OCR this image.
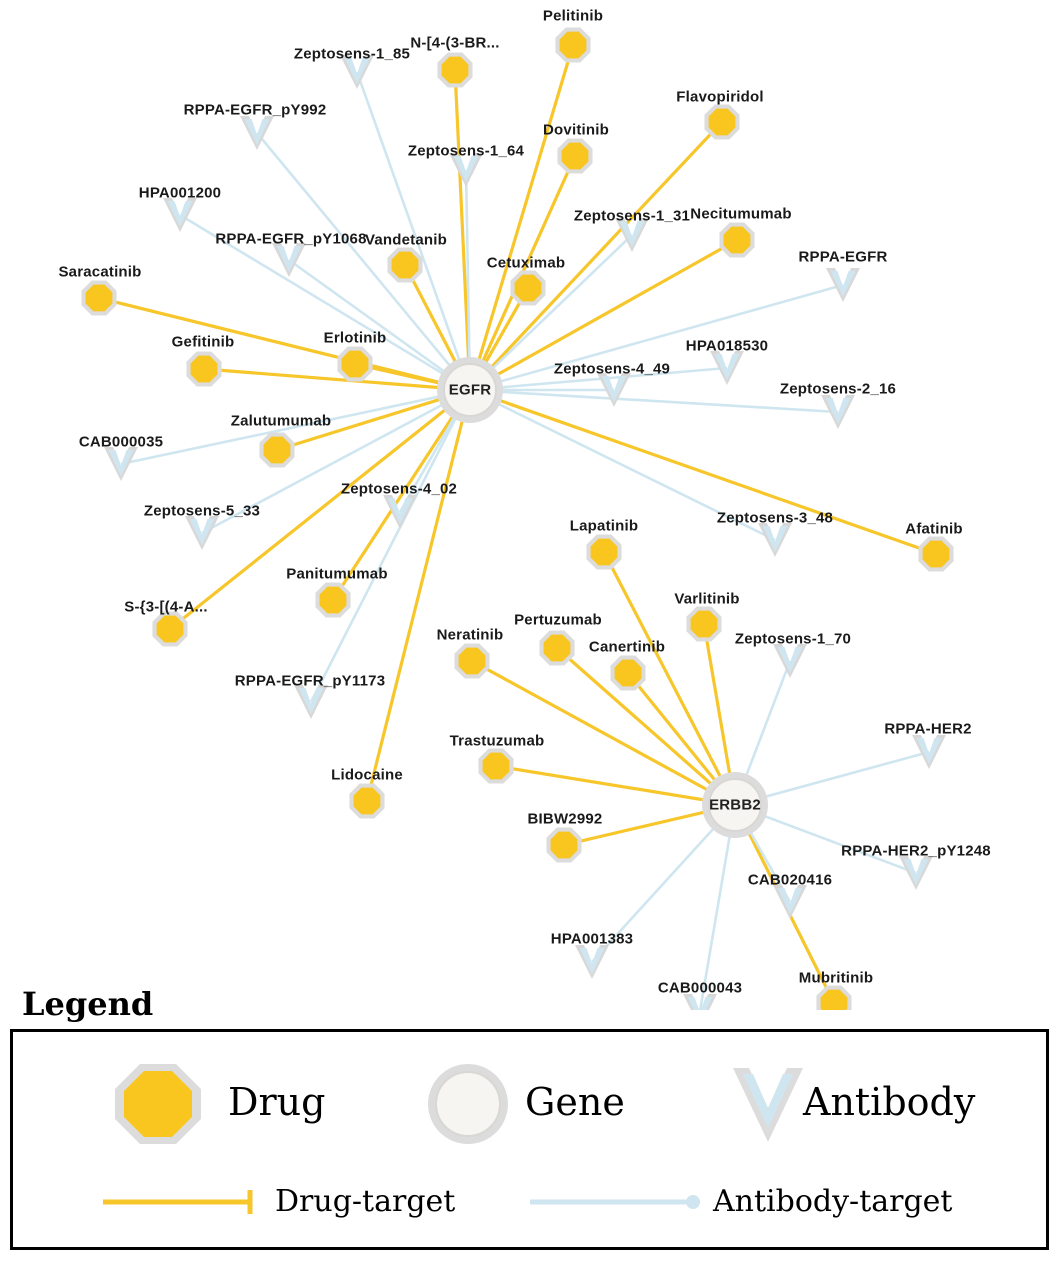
Pelitinib
N-[4-(3-BR...
Flavopiridol
Dovitinib
Necitumumab
Vandetanib
Cetuximab
Saracatinib
Gefitinib	Erlotinib
Zalutumumab
Afatinib
Lapatinib
Panitumumab
Varlitinib
S-{3-[(4-A...
Pertuzumab
Neratinib
Canertinib
Trastuzumab
Lidocaine
BIBW2992
Mubritinib
Zeptosens-1_85
RPPA-EGFR_pY992
Zeptosens-1_64
HPA001200
Zeptosens-1_31
RPPA-EGFR_pY1068
RPPA-EGFR
HPA018530
Zeptosens-4_49
Zeptosens-2_16
CAB000035
Zeptosens-4_02
Zeptosens-5_33	Zeptosens-3_48
Zeptosens-1_70
RPPA-EGFR_pY1173
RPPA-HER2
RPPA-HER2_pY1248
CAB020416
HPA001383
CAB000043
EGFR
ERBB2
Legend
Drug	Gene	Antibody
Drug-target	Antibody-target
